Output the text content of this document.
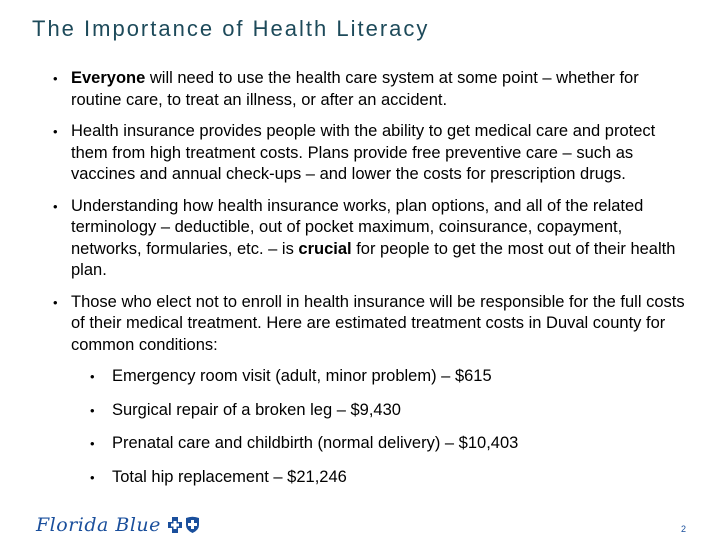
The Importance of Health Literacy
• Everyone will need to use the health care system at some point – whether for routine care, to treat an illness, or after an accident.
• Health insurance provides people with the ability to get medical care and protect them from high treatment costs. Plans provide free preventive care – such as vaccines and annual check-ups – and lower the costs for prescription drugs.
• Understanding how health insurance works, plan options, and all of the related terminology – deductible, out of pocket maximum, coinsurance, copayment, networks, formularies, etc. – is crucial for people to get the most out of their health plan.
• Those who elect not to enroll in health insurance will be responsible for the full costs of their medical treatment. Here are estimated treatment costs in Duval county for common conditions:
• Emergency room visit (adult, minor problem) – $615
• Surgical repair of a broken leg – $9,430
• Prenatal care and childbirth (normal delivery) – $10,403
• Total hip replacement – $21,246
Florida Blue	2
